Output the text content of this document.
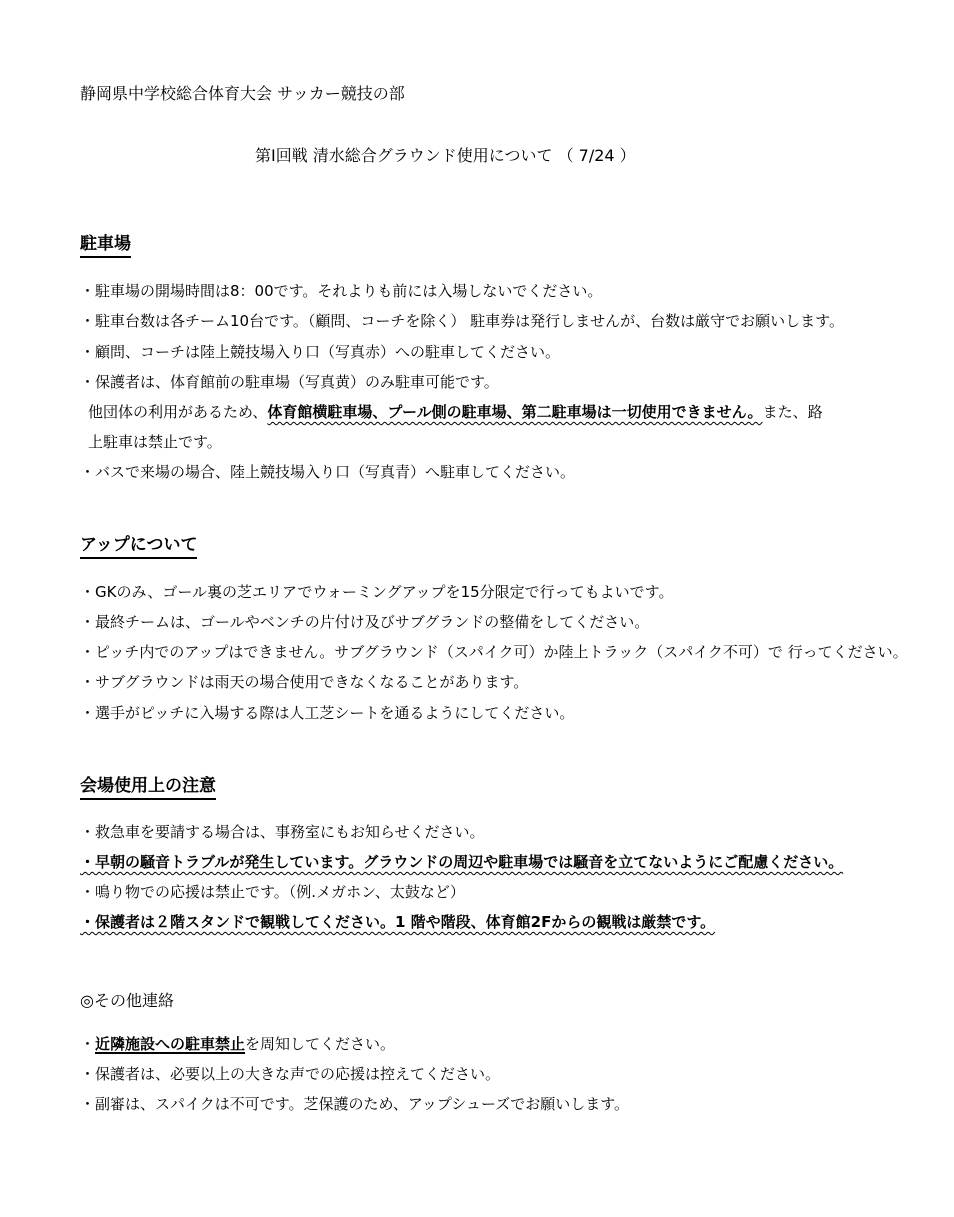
静岡県中学校総合体育大会 サッカー競技の部
第Ⅰ回戦 清水総合グラウンド使用について （ 7/24 ）
駐車場
・駐車場の開場時間は8：00です。それよりも前には入場しないでください。
・駐車台数は各チーム10台です。（顧問、コーチを除く） 駐車券は発行しませんが、台数は厳守でお願いします。
・顧問、コーチは陸上競技場入り口（写真赤）への駐車してください。
・保護者は、体育館前の駐車場（写真黄）のみ駐車可能です。
他団体の利用があるため、体育館横駐車場、プール側の駐車場、第二駐車場は一切使用できません。また、路
上駐車は禁止です。
・バスで来場の場合、陸上競技場入り口（写真青）へ駐車してください。
アップについて
・GKのみ、ゴール裏の芝エリアでウォーミングアップを15分限定で行ってもよいです。
・最終チームは、ゴールやベンチの片付け及びサブグランドの整備をしてください。
・ピッチ内でのアップはできません。サブグラウンド（スパイク可）か陸上トラック（スパイク不可）で 行ってください。
・サブグラウンドは雨天の場合使用できなくなることがあります。
・選手がピッチに入場する際は人工芝シートを通るようにしてください。
会場使用上の注意
・救急車を要請する場合は、事務室にもお知らせください。
・早朝の騒音トラブルが発生しています。グラウンドの周辺や駐車場では騒音を立てないようにご配慮ください。
・鳴り物での応援は禁止です。（例.メガホン、太鼓など）
・保護者は２階スタンドで観戦してください。1 階や階段、体育館2Fからの観戦は厳禁です。
◎その他連絡
・近隣施設への駐車禁止を周知してください。
・保護者は、必要以上の大きな声での応援は控えてください。
・副審は、スパイクは不可です。芝保護のため、アップシューズでお願いします。
